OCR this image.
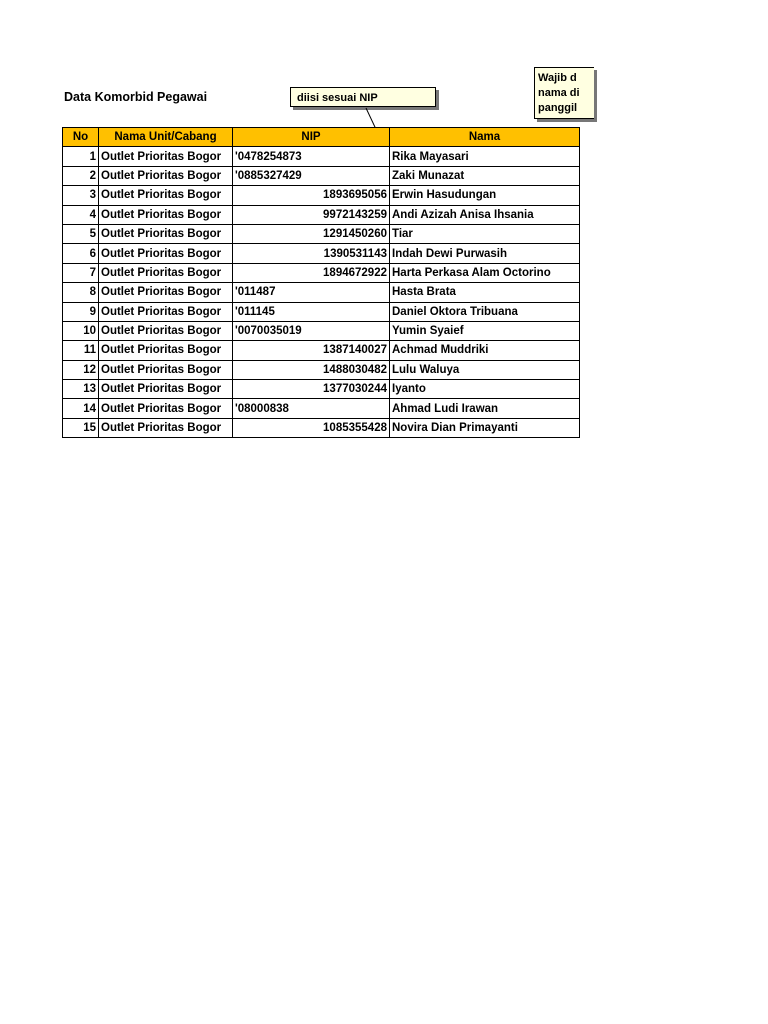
Data Komorbid Pegawai	diisi sesuai NIP
Wajib d
nama di
panggil
No	Nama Unit/Cabang	NIP	Nama
1	Outlet Prioritas Bogor	'0478254873	Rika Mayasari
2	Outlet Prioritas Bogor	'0885327429	Zaki Munazat
3	Outlet Prioritas Bogor	1893695056	Erwin Hasudungan
4	Outlet Prioritas Bogor	9972143259	Andi Azizah Anisa Ihsania
5	Outlet Prioritas Bogor	1291450260	Tiar
6	Outlet Prioritas Bogor	1390531143	Indah Dewi Purwasih
7	Outlet Prioritas Bogor	1894672922	Harta Perkasa Alam Octorino
8	Outlet Prioritas Bogor	'011487	Hasta Brata
9	Outlet Prioritas Bogor	'011145	Daniel Oktora Tribuana
10	Outlet Prioritas Bogor	'0070035019	Yumin Syaief
11	Outlet Prioritas Bogor	1387140027	Achmad Muddriki
12	Outlet Prioritas Bogor	1488030482	Lulu Waluya
13	Outlet Prioritas Bogor	1377030244	Iyanto
14	Outlet Prioritas Bogor	'08000838	Ahmad Ludi Irawan
15	Outlet Prioritas Bogor	1085355428	Novira Dian Primayanti
